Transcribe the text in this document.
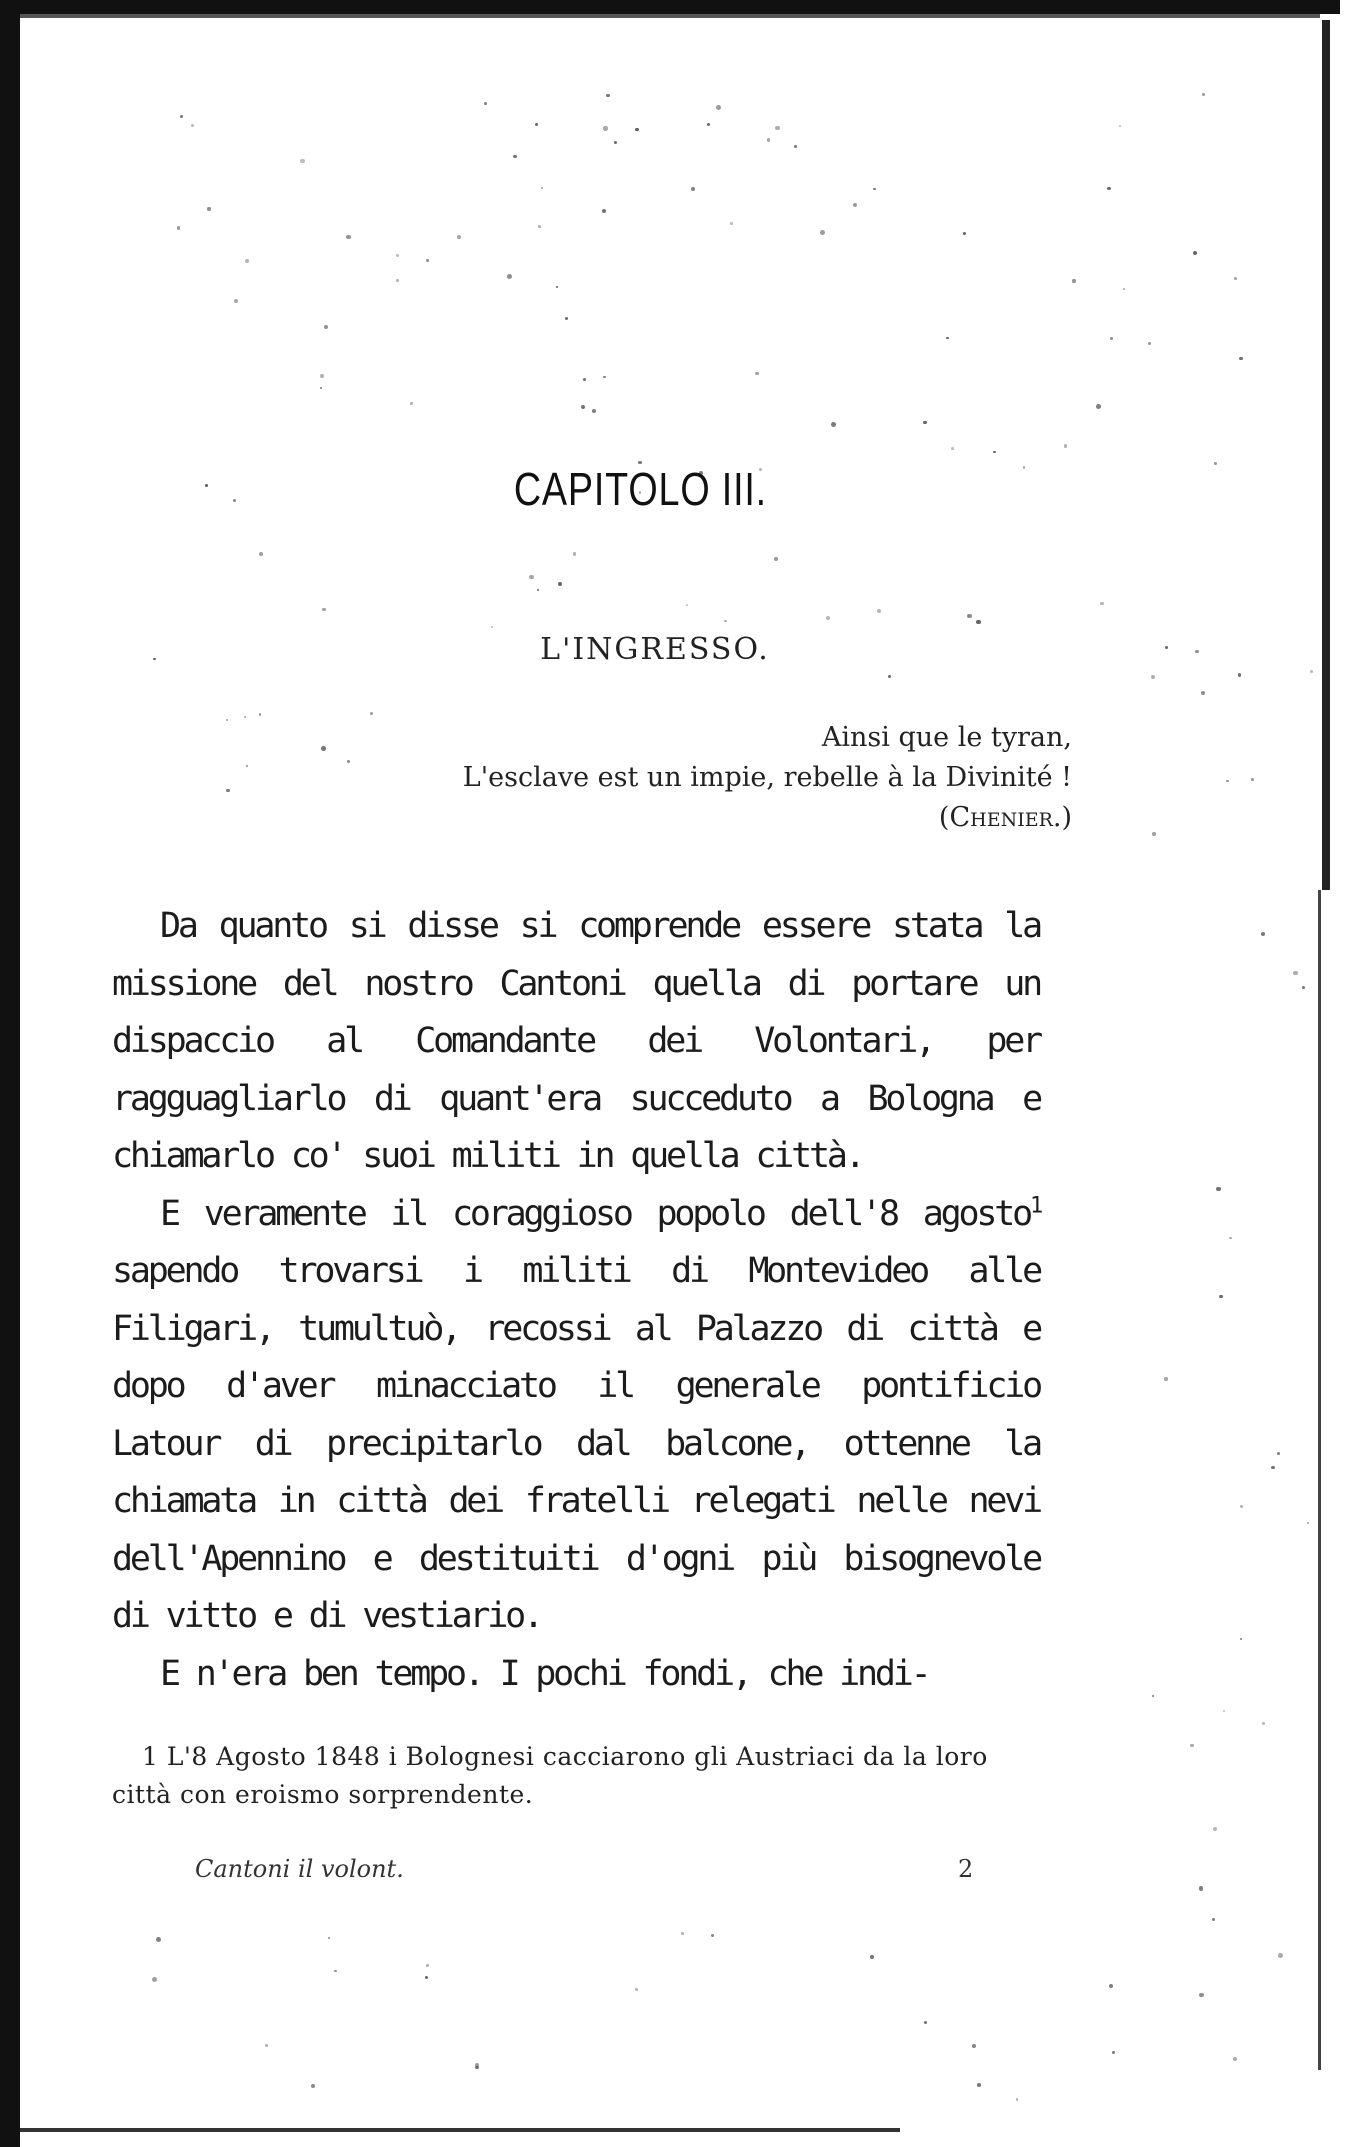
CAPITOLO III.
L'INGRESSO.
Ainsi que le tyran,
L'esclave est un impie, rebelle à la Divinité !

(Chenier.)

Da quanto si disse si comprende essere stata la missione del nostro Cantoni quella di portare un dispaccio al Comandante dei Volontari, per ragguagliarlo di quant'era succeduto a Bologna e chiamarlo co' suoi militi in quella città.

E veramente il coraggioso popolo dell'8 agosto$^1$ sapendo trovarsi i militi di Montevideo alle Filigari, tumultuò, recossi al Palazzo di città e dopo d'aver minacciato il generale pontificio Latour di precipitarlo dal balcone, ottenne la chiamata in città dei fratelli relegati nelle nevi dell'Apennino e destituiti d'ogni più bisognevole di vitto e di vestiario.

E n'era ben tempo. I pochi fondi, che indi-

1 L'8 Agosto 1848 i Bolognesi cacciarono gli Austriaci da la loro città con eroismo sorprendente.

Cantoni il volont.	2
